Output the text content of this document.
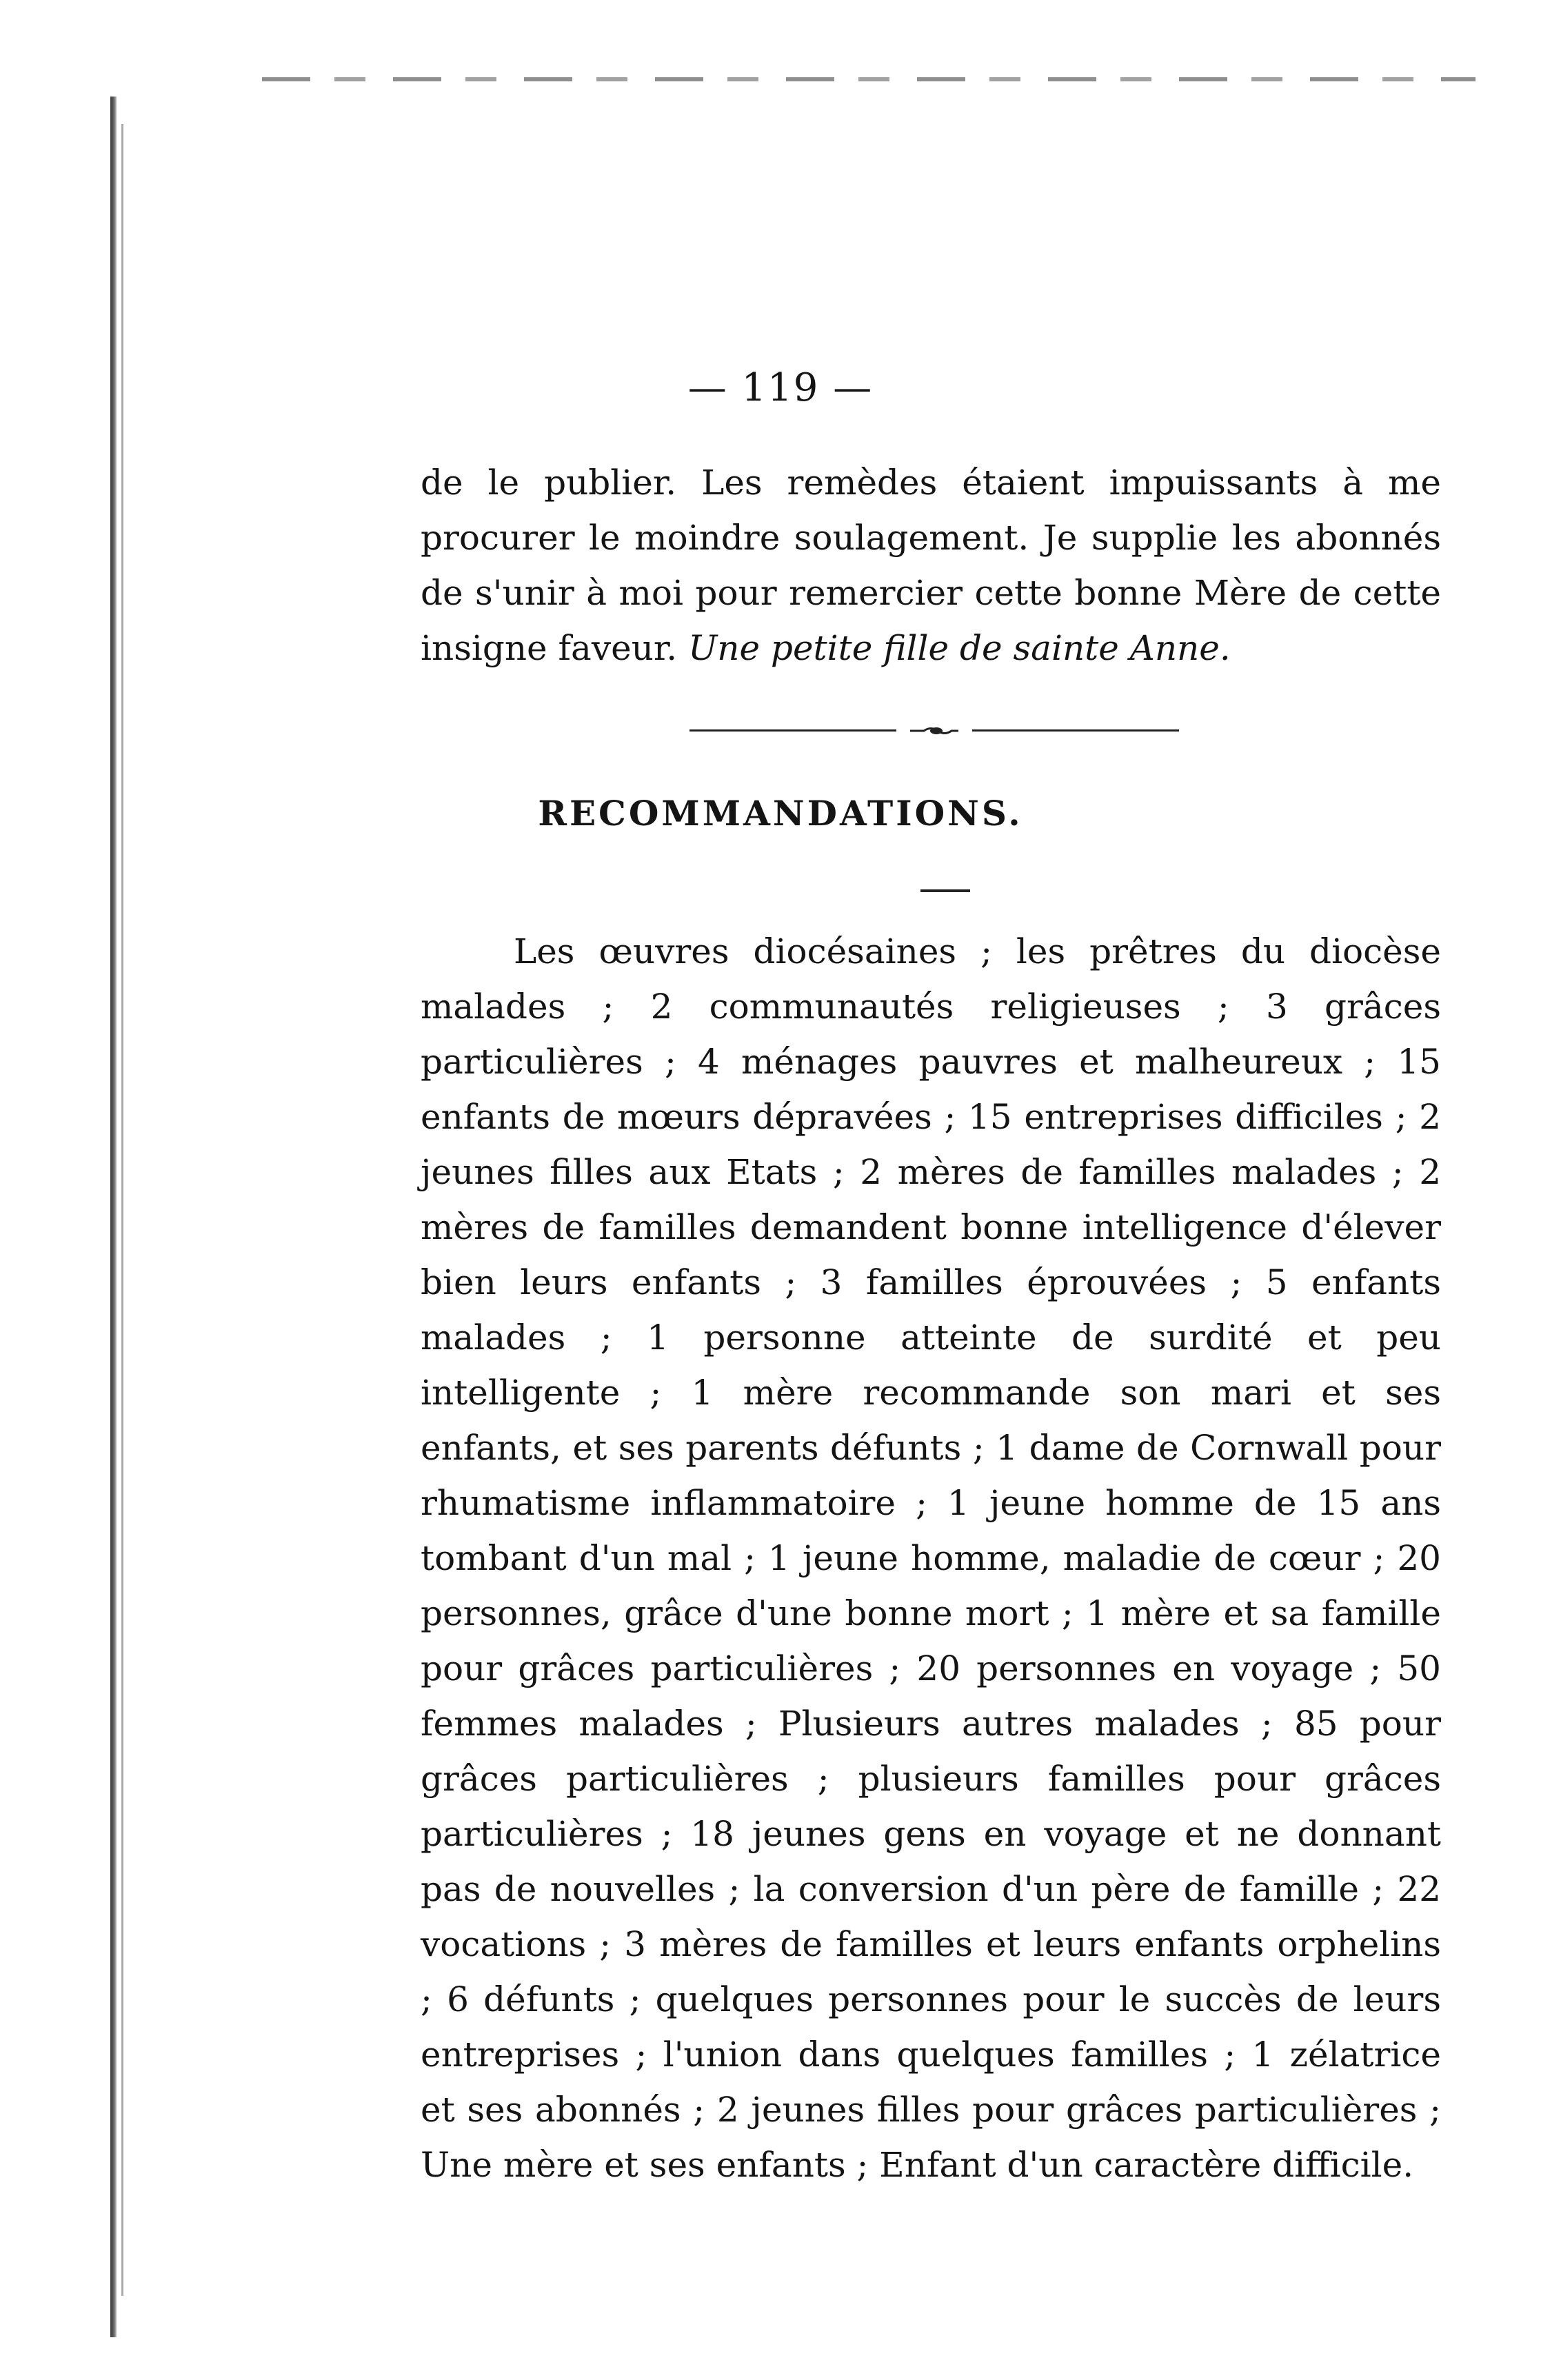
— 119 —
de le publier. Les remèdes étaient impuissants à me procurer le moindre soulagement. Je supplie les abonnés de s'unir à moi pour remercier cette bonne Mère de cette insigne faveur. Une petite fille de sainte Anne.
RECOMMANDATIONS.
Les œuvres diocésaines ; les prêtres du diocèse malades ; 2 communautés religieuses ; 3 grâces particulières ; 4 ménages pauvres et malheureux ; 15 enfants de mœurs dépravées ; 15 entreprises difficiles ; 2 jeunes filles aux Etats ; 2 mères de familles malades ; 2 mères de familles demandent bonne intelligence d'élever bien leurs enfants ; 3 familles éprouvées ; 5 enfants malades ; 1 personne atteinte de surdité et peu intelligente ; 1 mère recommande son mari et ses enfants, et ses parents défunts ; 1 dame de Cornwall pour rhumatisme inflammatoire ; 1 jeune homme de 15 ans tombant d'un mal ; 1 jeune homme, maladie de cœur ; 20 personnes, grâce d'une bonne mort ; 1 mère et sa famille pour grâces particulières ; 20 personnes en voyage ; 50 femmes malades ; Plusieurs autres malades ; 85 pour grâces particulières ; plusieurs familles pour grâces particulières ; 18 jeunes gens en voyage et ne donnant pas de nouvelles ; la conversion d'un père de famille ; 22 vocations ; 3 mères de familles et leurs enfants orphelins ; 6 défunts ; quelques personnes pour le succès de leurs entreprises ; l'union dans quelques familles ; 1 zélatrice et ses abonnés ; 2 jeunes filles pour grâces particulières ; Une mère et ses enfants ; Enfant d'un caractère difficile.
